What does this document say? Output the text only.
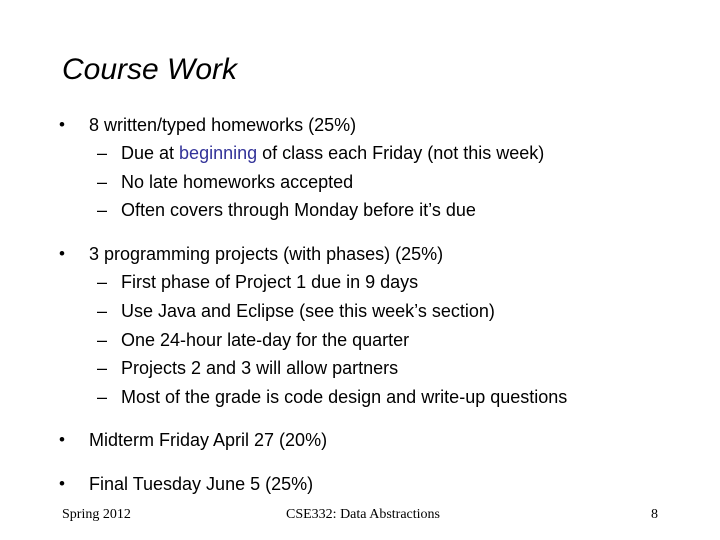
Course Work
• 8 written/typed homeworks (25%)
– Due at beginning of class each Friday (not this week)
– No late homeworks accepted
– Often covers through Monday before it’s due
• 3 programming projects (with phases) (25%)
– First phase of Project 1 due in 9 days
– Use Java and Eclipse (see this week’s section)
– One 24-hour late-day for the quarter
– Projects 2 and 3 will allow partners
– Most of the grade is code design and write-up questions
• Midterm Friday April 27 (20%)
• Final Tuesday June 5 (25%)
Spring 2012	CSE332: Data Abstractions	8
